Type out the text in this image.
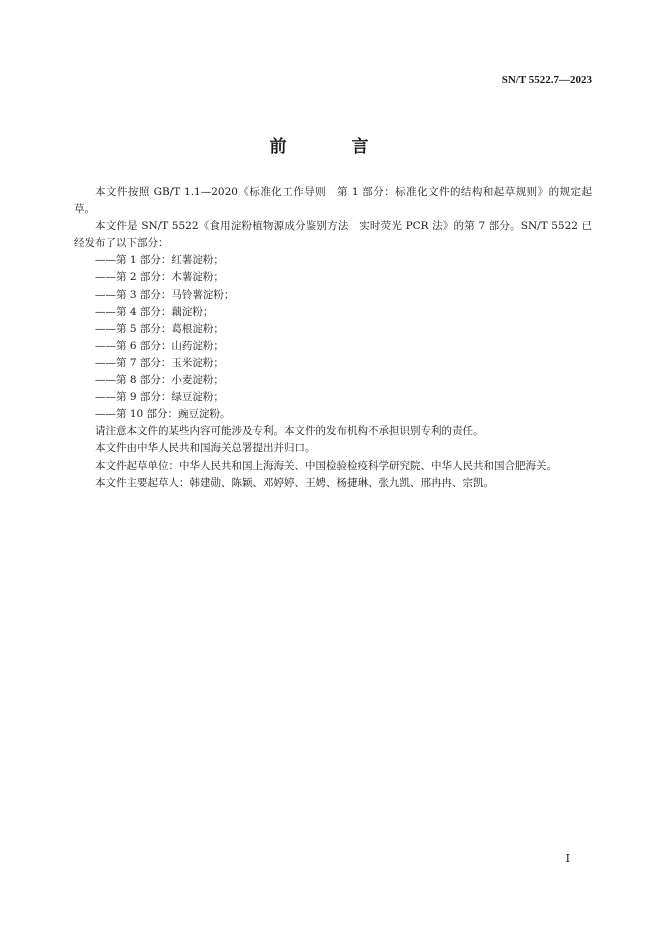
SN/T 5522.7—2023
前　言

本文件按照 GB/T 1.1—2020《标准化工作导则　第 1 部分：标准化文件的结构和起草规则》的规定起草。

本文件是 SN/T 5522《食用淀粉植物源成分鉴别方法　实时荧光 PCR 法》的第 7 部分。SN/T 5522 已经发布了以下部分：

——第 1 部分：红薯淀粉；

——第 2 部分：木薯淀粉；

——第 3 部分：马铃薯淀粉；

——第 4 部分：藕淀粉；

——第 5 部分：葛根淀粉；

——第 6 部分：山药淀粉；

——第 7 部分：玉米淀粉；

——第 8 部分：小麦淀粉；

——第 9 部分：绿豆淀粉；

——第 10 部分：豌豆淀粉。

请注意本文件的某些内容可能涉及专利。本文件的发布机构不承担识别专利的责任。

本文件由中华人民共和国海关总署提出并归口。

本文件起草单位：中华人民共和国上海海关、中国检验检疫科学研究院、中华人民共和国合肥海关。

本文件主要起草人：韩建勋、陈颖、邓婷婷、王娉、杨捷琳、张九凯、邢冉冉、宗凯。

Ⅰ
